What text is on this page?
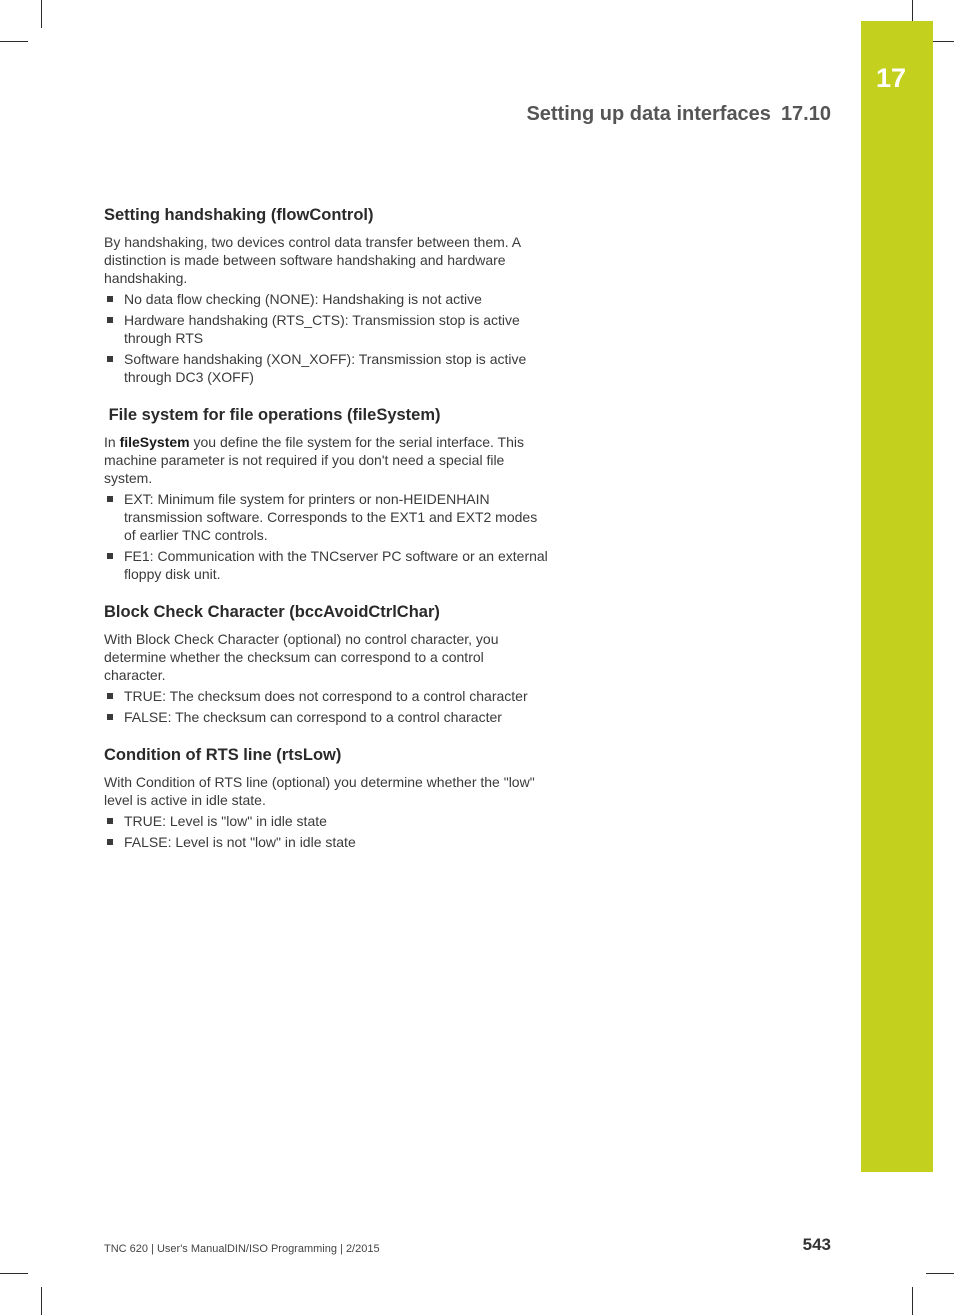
17
Setting up data interfaces 17.10
Setting handshaking (flowControl)

By handshaking, two devices control data transfer between them. A distinction is made between software handshaking and hardware handshaking.

No data flow checking (NONE): Handshaking is not active
Hardware handshaking (RTS_CTS): Transmission stop is active through RTS
Software handshaking (XON_XOFF): Transmission stop is active through DC3 (XOFF)
File system for file operations (fileSystem)

In fileSystem you define the file system for the serial interface. This machine parameter is not required if you don't need a special file system.

EXT: Minimum file system for printers or non-HEIDENHAIN transmission software. Corresponds to the EXT1 and EXT2 modes of earlier TNC controls.
FE1: Communication with the TNCserver PC software or an external floppy disk unit.
Block Check Character (bccAvoidCtrlChar)

With Block Check Character (optional) no control character, you determine whether the checksum can correspond to a control character.

TRUE: The checksum does not correspond to a control character
FALSE: The checksum can correspond to a control character
Condition of RTS line (rtsLow)

With Condition of RTS line (optional) you determine whether the "low" level is active in idle state.

TRUE: Level is "low" in idle state
FALSE: Level is not "low" in idle state
TNC 620 | User's ManualDIN/ISO Programming | 2/2015	543
